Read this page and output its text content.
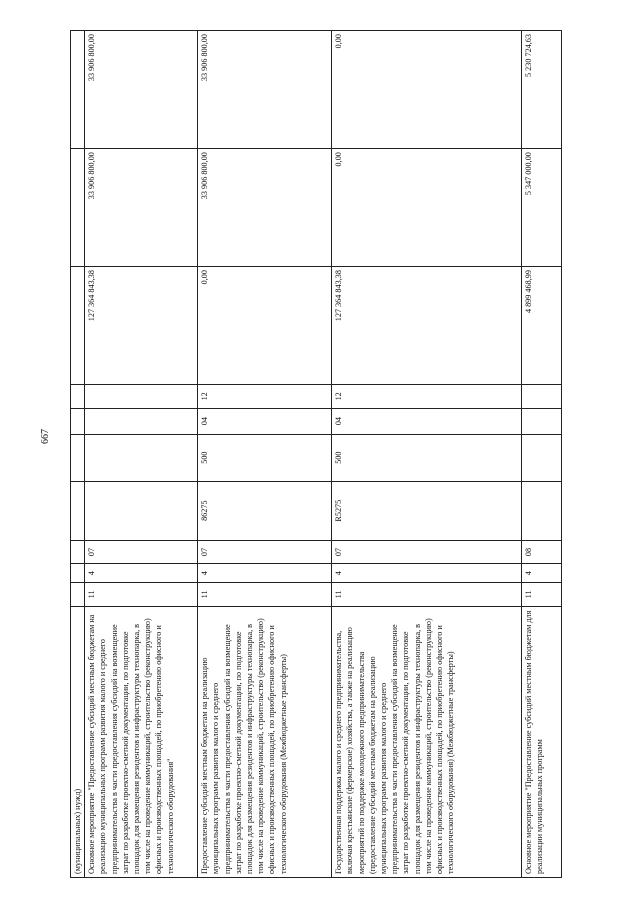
667
(муниципальных) нужд)										
Основное мероприятие "Предоставление субсидий местным бюджетам на реализацию муниципальных программ развития малого и среднего предпринимательства в части предоставления субсидий на возмещение затрат по разработке проектно-сметной документации, по подготовке площадок для размещения резидентов и инфраструктуры технопарка, в том числе на проведение коммуникаций, строительство (реконструкцию) офисных и производственных площадей, по приобретению офисного и технологического оборудования"	11	4	07					127 364 843,38	33 906 800,00	33 906 800,00
Предоставление субсидий местным бюджетам на реализацию муниципальных программ развития малого и среднего предпринимательства в части предоставления субсидий на возмещение затрат по разработке проектно-сметной документации, по подготовке площадок для размещения резидентов и инфраструктуры технопарка, в том числе на проведение коммуникаций, строительство (реконструкцию) офисных и производственных площадей, по приобретению офисного и технологического оборудования (Межбюджетные трансферты)	11	4	07	86275	500	04	12	0,00	33 906 800,00	33 906 800,00
Государственная поддержка малого и среднего предпринимательства, включая крестьянские (фермерские) хозяйства, а также на реализацию мероприятий по поддержке молодежного предпринимательства (предоставление субсидий местным бюджетам на реализацию муниципальных программ развития малого и среднего предпринимательства в части предоставления субсидий на возмещение затрат по разработке проектно-сметной документации, по подготовке площадок для размещения резидентов и инфраструктуры технопарка, в том числе на проведение коммуникаций, строительство (реконструкцию) офисных и производственных площадей, по приобретению офисного и технологического оборудования) (Межбюджетные трансферты)	11	4	07	R5275	500	04	12	127 364 843,38	0,00	0,00
Основное мероприятие "Предоставление субсидий местным бюджетам для реализации муниципальных программ	11	4	08					4 899 468,99	5 347 000,00	5 230 724,63
